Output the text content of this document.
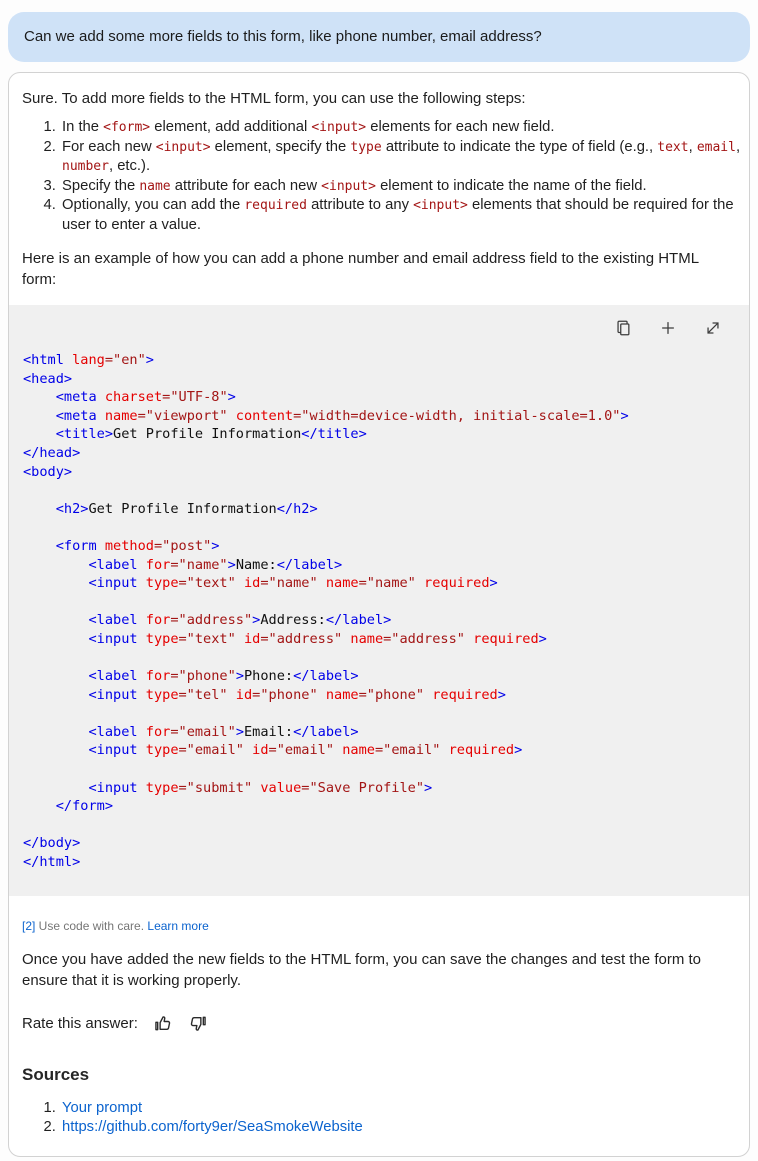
Can we add some more fields to this form, like phone number, email address?

Sure. To add more fields to the HTML form, you can use the following steps:

1. In the <form> element, add additional <input> elements for each new field.
2. For each new <input> element, specify the type attribute to indicate the type of field (e.g., text, email, number, etc.).
3. Specify the name attribute for each new <input> element to indicate the name of the field.
4. Optionally, you can add the required attribute to any <input> elements that should be required for the user to enter a value.

Here is an example of how you can add a phone number and email address field to the existing HTML form:

<html lang="en">
<head>
<meta charset="UTF-8">
<meta name="viewport" content="width=device-width, initial-scale=1.0">
<title>Get Profile Information</title>
</head>
<body>
<h2>Get Profile Information</h2>
<form method="post">
<label for="name">Name:</label>
<input type="text" id="name" name="name" required>
<label for="address">Address:</label>
<input type="text" id="address" name="address" required>
<label for="phone">Phone:</label>
<input type="tel" id="phone" name="phone" required>
<label for="email">Email:</label>
<input type="email" id="email" name="email" required>
<input type="submit" value="Save Profile">
</form>
</body>
</html>

[2] Use code with care. Learn more

Once you have added the new fields to the HTML form, you can save the changes and test the form to ensure that it is working properly.

Rate this answer:
Sources
1. Your prompt
2. https://github.com/forty9er/SeaSmokeWebsite
